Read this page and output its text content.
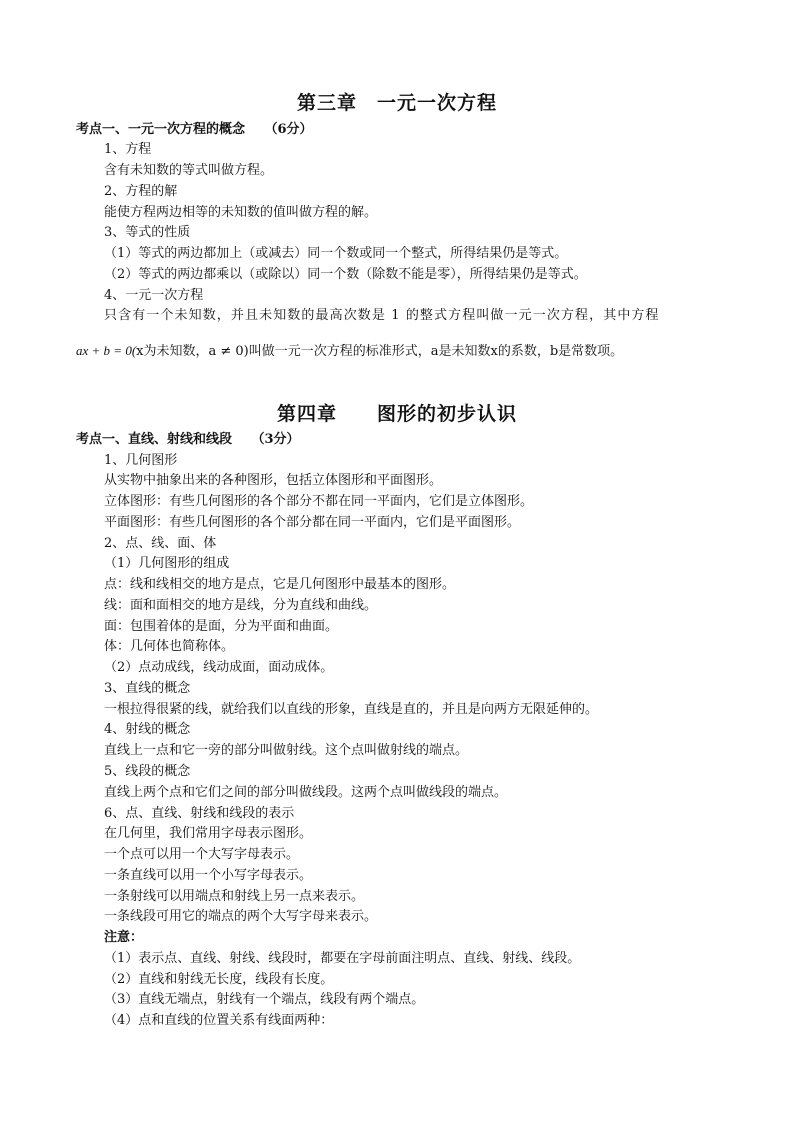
第三章　一元一次方程
考点一、一元一次方程的概念　　（6分）
1、方程
含有未知数的等式叫做方程。
2、方程的解
能使方程两边相等的未知数的值叫做方程的解。
3、等式的性质
（1）等式的两边都加上（或减去）同一个数或同一个整式，所得结果仍是等式。
（2）等式的两边都乘以（或除以）同一个数（除数不能是零），所得结果仍是等式。
4、一元一次方程
只含有一个未知数，并且未知数的最高次数是 1 的整式方程叫做一元一次方程，其中方程
ax + b = 0(x为未知数，a ≠ 0)叫做一元一次方程的标准形式，a是未知数x的系数，b是常数项。
第四章　　图形的初步认识
考点一、直线、射线和线段　　（3分）
1、几何图形
从实物中抽象出来的各种图形，包括立体图形和平面图形。
立体图形：有些几何图形的各个部分不都在同一平面内，它们是立体图形。
平面图形：有些几何图形的各个部分都在同一平面内，它们是平面图形。
2、点、线、面、体
（1）几何图形的组成
点：线和线相交的地方是点，它是几何图形中最基本的图形。
线：面和面相交的地方是线，分为直线和曲线。
面：包围着体的是面，分为平面和曲面。
体：几何体也简称体。
（2）点动成线，线动成面，面动成体。
3、直线的概念
一根拉得很紧的线，就给我们以直线的形象，直线是直的，并且是向两方无限延伸的。
4、射线的概念
直线上一点和它一旁的部分叫做射线。这个点叫做射线的端点。
5、线段的概念
直线上两个点和它们之间的部分叫做线段。这两个点叫做线段的端点。
6、点、直线、射线和线段的表示
在几何里，我们常用字母表示图形。
一个点可以用一个大写字母表示。
一条直线可以用一个小写字母表示。
一条射线可以用端点和射线上另一点来表示。
一条线段可用它的端点的两个大写字母来表示。
注意：
（1）表示点、直线、射线、线段时，都要在字母前面注明点、直线、射线、线段。
（2）直线和射线无长度，线段有长度。
（3）直线无端点，射线有一个端点，线段有两个端点。
（4）点和直线的位置关系有线面两种：
